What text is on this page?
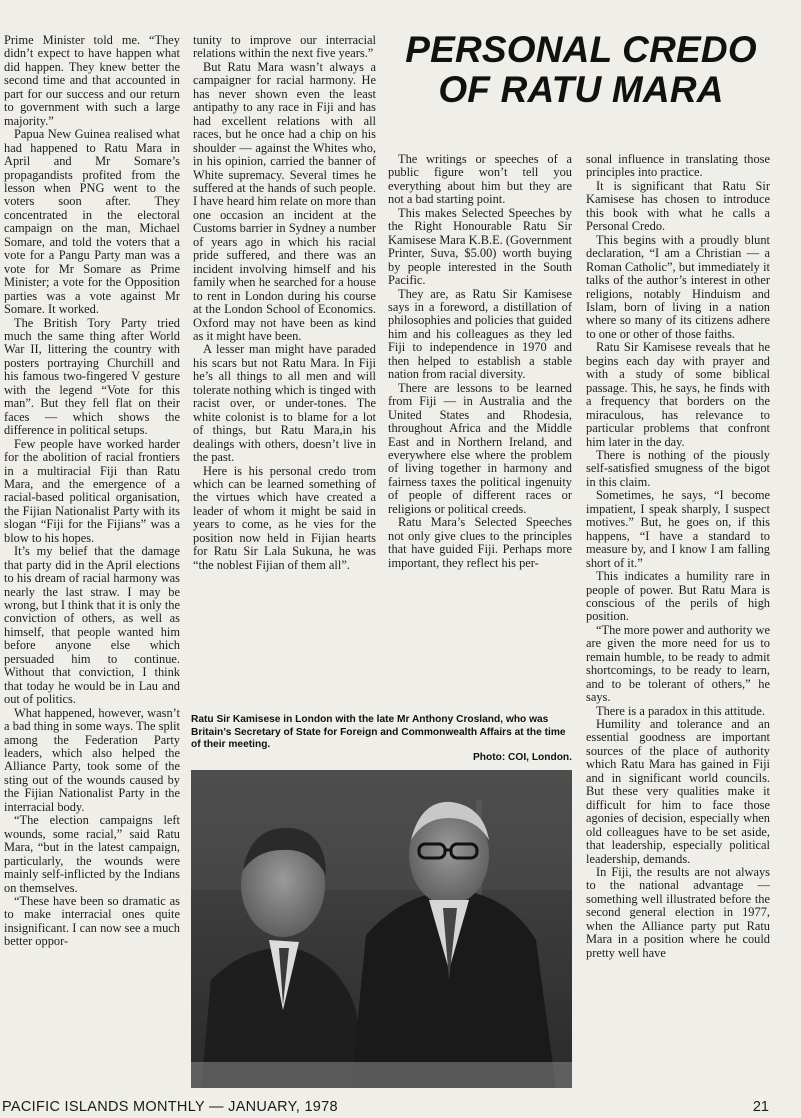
PERSONAL CREDO
OF RATU MARA

Prime Minister told me. “They didn’t expect to have happen what did happen. They knew better the second time and that accounted in part for our success and our return to government with such a large majority.”

Papua New Guinea realised what had happened to Ratu Mara in April and Mr Somare’s propagandists profited from the lesson when PNG went to the voters soon after. They concentrated in the electoral campaign on the man, Michael Somare, and told the voters that a vote for a Pangu Party man was a vote for Mr Somare as Prime Minister; a vote for the Opposition parties was a vote against Mr Somare. It worked.

The British Tory Party tried much the same thing after World War II, littering the country with posters portraying Churchill and his famous two-fingered V gesture with the legend “Vote for this man”. But they fell flat on their faces — which shows the difference in political setups.

Few people have worked harder for the abolition of racial frontiers in a multiracial Fiji than Ratu Mara, and the emergence of a racial-based political organisation, the Fijian Nationalist Party with its slogan “Fiji for the Fijians” was a blow to his hopes.

It’s my belief that the damage that party did in the April elections to his dream of racial harmony was nearly the last straw. I may be wrong, but I think that it is only the conviction of others, as well as himself, that people wanted him before anyone else which persuaded him to continue. Without that conviction, I think that today he would be in Lau and out of politics.

What happened, however, wasn’t a bad thing in some ways. The split among the Federation Party leaders, which also helped the Alliance Party, took some of the sting out of the wounds caused by the Fijian Nationalist Party in the interracial body.

“The election campaigns left wounds, some racial,” said Ratu Mara, “but in the latest campaign, particularly, the wounds were mainly self-inflicted by the Indians on themselves.

“These have been so dramatic as to make interracial ones quite insignificant. I can now see a much better oppor-

tunity to improve our interracial relations within the next five years.”

But Ratu Mara wasn’t always a campaigner for racial harmony. He has never shown even the least antipathy to any race in Fiji and has had excellent relations with all races, but he once had a chip on his shoulder — against the Whites who, in his opinion, carried the banner of White supremacy. Several times he suffered at the hands of such people. I have heard him relate on more than one occasion an incident at the Customs barrier in Sydney a number of years ago in which his racial pride suffered, and there was an incident involving himself and his family when he searched for a house to rent in London during his course at the London School of Economics. Oxford may not have been as kind as it might have been.

A lesser man might have paraded his scars but not Ratu Mara. In Fiji he’s all things to all men and will tolerate nothing which is tinged with racist over, or under-tones. The white colonist is to blame for a lot of things, but Ratu Mara,in his dealings with others, doesn’t live in the past.

Here is his personal credo trom which can be learned something of the virtues which have created a leader of whom it might be said in years to come, as he vies for the position now held in Fijian hearts for Ratu Sir Lala Sukuna, he was “the noblest Fijian of them all”.

The writings or speeches of a public figure won’t tell you everything about him but they are not a bad starting point.

This makes Selected Speeches by the Right Honourable Ratu Sir Kamisese Mara K.B.E. (Government Printer, Suva, $5.00) worth buying by people interested in the South Pacific.

They are, as Ratu Sir Kamisese says in a foreword, a distillation of philosophies and policies that guided him and his colleagues as they led Fiji to independence in 1970 and then helped to establish a stable nation from racial diversity.

There are lessons to be learned from Fiji — in Australia and the United States and Rhodesia, throughout Africa and the Middle East and in Northern Ireland, and everywhere else where the problem of living together in harmony and fairness taxes the political ingenuity of people of different races or religions or political creeds.

Ratu Mara’s Selected Speeches not only give clues to the principles that have guided Fiji. Perhaps more important, they reflect his per-

sonal influence in translating those principles into practice.

It is significant that Ratu Sir Kamisese has chosen to introduce this book with what he calls a Personal Credo.

This begins with a proudly blunt declaration, “I am a Christian — a Roman Catholic”, but immediately it talks of the author’s interest in other religions, notably Hinduism and Islam, born of living in a nation where so many of its citizens adhere to one or other of those faiths.

Ratu Sir Kamisese reveals that he begins each day with prayer and with a study of some biblical passage. This, he says, he finds with a frequency that borders on the miraculous, has relevance to particular problems that confront him later in the day.

There is nothing of the piously self-satisfied smugness of the bigot in this claim.

Sometimes, he says, “I become impatient, I speak sharply, I suspect motives.” But, he goes on, if this happens, “I have a standard to measure by, and I know I am falling short of it.”

This indicates a humility rare in people of power. But Ratu Mara is conscious of the perils of high position.

“The more power and authority we are given the more need for us to remain humble, to be ready to admit shortcomings, to be ready to learn, and to be tolerant of others,” he says.

There is a paradox in this attitude.

Humility and tolerance and an essential goodness are important sources of the place of authority which Ratu Mara has gained in Fiji and in significant world councils. But these very qualities make it difficult for him to face those agonies of decision, especially when old colleagues have to be set aside, that leadership, especially political leadership, demands.

In Fiji, the results are not always to the national advantage — something well illustrated before the second general election in 1977, when the Alliance party put Ratu Mara in a position where he could pretty well have

Ratu Sir Kamisese in London with the late Mr Anthony Crosland, who was Britain’s Secretary of State for Foreign and Commonwealth Affairs at the time of their meeting.
Photo: COI, London.
PACIFIC ISLANDS MONTHLY — JANUARY, 1978	21
